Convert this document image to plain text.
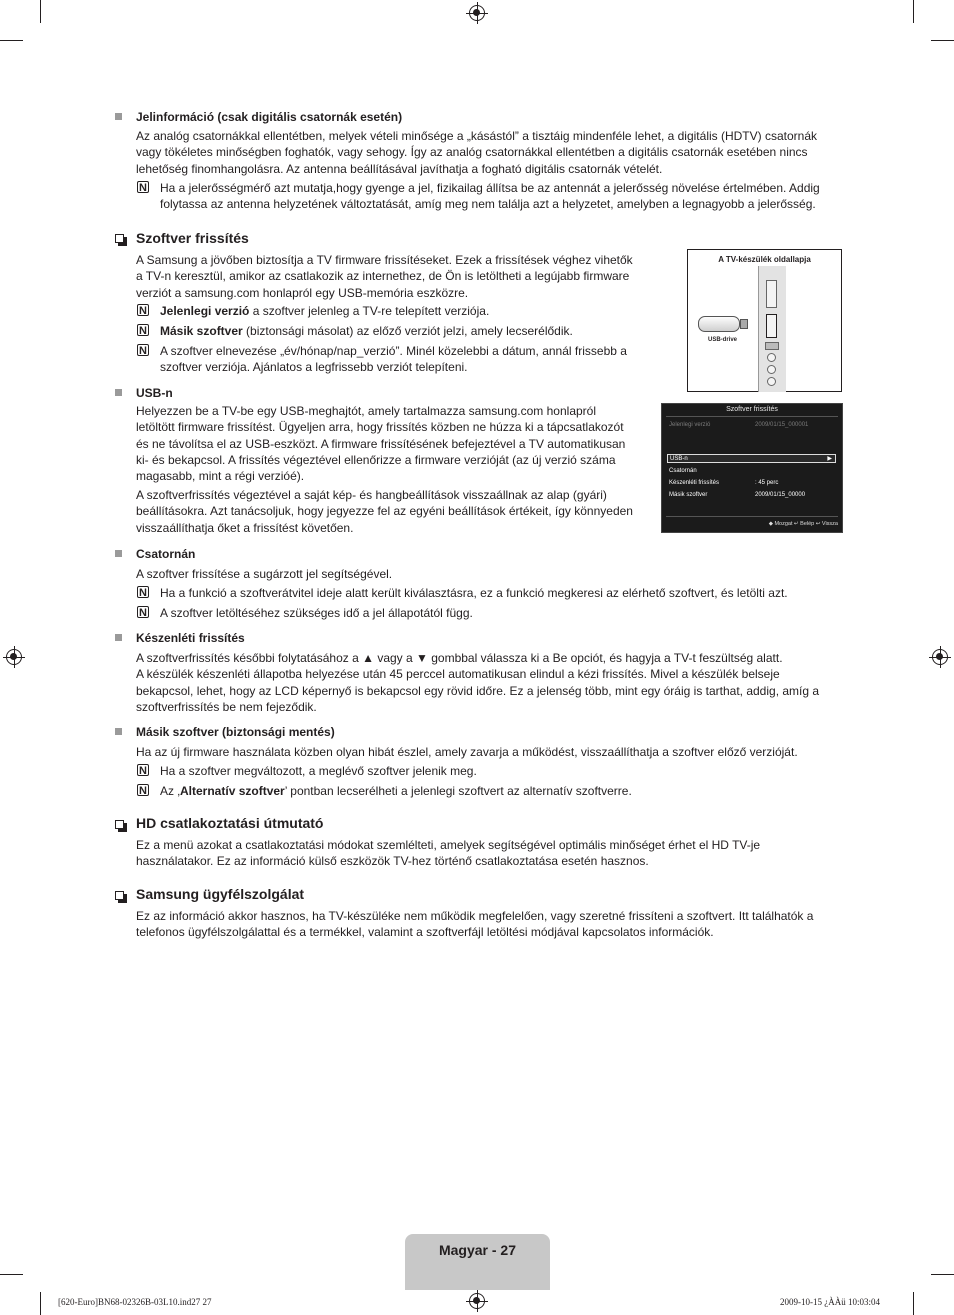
Jelinformáció (csak digitális csatornák esetén)
Az analóg csatornákkal ellentétben, melyek vételi minősége a „kásástól” a tisztáig mindenféle lehet, a digitális (HDTV) csatornák
vagy tökéletes minőségben foghatók, vagy sehogy. Így az analóg csatornákkal ellentétben a digitális csatornák esetében nincs
lehetőség finomhangolásra. Az antenna beállításával javíthatja a fogható digitális csatornák vételét.
N Ha a jelerősségmérő azt mutatja,hogy gyenge a jel, fizikailag állítsa be az antennát a jelerősség növelése értelmében. Addig
folytassa az antenna helyzetének változtatását, amíg meg nem találja azt a helyzetet, amelyben a legnagyobb a jelerősség.
Szoftver frissítés
A Samsung a jövőben biztosítja a TV firmware frissítéseket. Ezek a frissítések véghez vihetők
a TV-n keresztül, amikor az csatlakozik az internethez, de Ön is letöltheti a legújabb firmware
verziót a samsung.com honlapról egy USB-memória eszközre.
N Jelenlegi verzió a szoftver jelenleg a TV-re telepített verziója.
N Másik szoftver (biztonsági másolat) az előző verziót jelzi, amely lecserélődik.
N A szoftver elnevezése „év/hónap/nap_verzió”. Minél közelebbi a dátum, annál frissebb a
szoftver verziója. Ajánlatos a legfrissebb verziót telepíteni.
A TV-készülék oldallapja
USB-drive
USB-n
Helyezzen be a TV-be egy USB-meghajtót, amely tartalmazza samsung.com honlapról
letöltött firmware frissítést. Ügyeljen arra, hogy frissítés közben ne húzza ki a tápcsatlakozót
és ne távolítsa el az USB-eszközt. A firmware frissítésének befejeztével a TV automatikusan
ki- és bekapcsol. A frissítés végeztével ellenőrizze a firmware verzióját (az új verzió száma
magasabb, mint a régi verzióé).
A szoftverfrissítés végeztével a saját kép- és hangbeállítások visszaállnak az alap (gyári)
beállításokra. Azt tanácsoljuk, hogy jegyezze fel az egyéni beállítások értékeit, így könnyeden
visszaállíthatja őket a frissítést követően.
Szoftver frissítés
Jelenlegi verzió	2009/01/15_000001
USB-n	▶
Csatornán
Készenléti frissítés	: 45 perc
Másik szoftver	2009/01/15_00000
◆ Mozgat ↵ Belép ↩ Vissza
Csatornán
A szoftver frissítése a sugárzott jel segítségével.
N Ha a funkció a szoftverátvitel ideje alatt került kiválasztásra, ez a funkció megkeresi az elérhető szoftvert, és letölti azt.
N A szoftver letöltéséhez szükséges idő a jel állapotától függ.
Készenléti frissítés
A szoftverfrissítés későbbi folytatásához a ▲ vagy a ▼ gombbal válassza ki a Be opciót, és hagyja a TV-t feszültség alatt.
A készülék készenléti állapotba helyezése után 45 perccel automatikusan elindul a kézi frissítés. Mivel a készülék belseje
bekapcsol, lehet, hogy az LCD képernyő is bekapcsol egy rövid időre. Ez a jelenség több, mint egy óráig is tarthat, addig, amíg a
szoftverfrissítés be nem fejeződik.
Másik szoftver (biztonsági mentés)
Ha az új firmware használata közben olyan hibát észlel, amely zavarja a működést, visszaállíthatja a szoftver előző verzióját.
N Ha a szoftver megváltozott, a meglévő szoftver jelenik meg.
N Az ‚Alternatív szoftver’ pontban lecserélheti a jelenlegi szoftvert az alternatív szoftverre.
HD csatlakoztatási útmutató
Ez a menü azokat a csatlakoztatási módokat szemlélteti, amelyek segítségével optimális minőséget érhet el HD TV-je
használatakor. Ez az információ külső eszközök TV-hez történő csatlakoztatása esetén hasznos.
Samsung ügyfélszolgálat
Ez az információ akkor hasznos, ha TV-készüléke nem működik megfelelően, vagy szeretné frissíteni a szoftvert. Itt találhatók a
telefonos ügyfélszolgálattal és a termékkel, valamint a szoftverfájl letöltési módjával kapcsolatos információk.
Magyar - 27
[620-Euro]BN68-02326B-03L10.ind27 27	2009-10-15 ¿ÀÀü 10:03:04
